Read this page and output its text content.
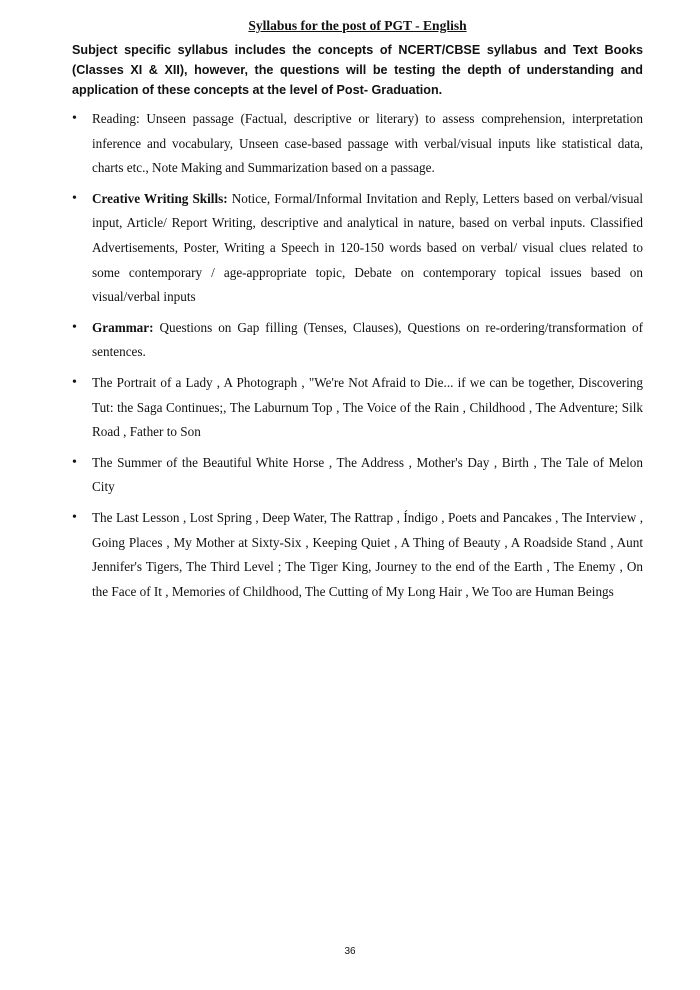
Syllabus for the post of PGT - English

Subject specific syllabus includes the concepts of NCERT/CBSE syllabus and Text Books (Classes XI & XII), however, the questions will be testing the depth of understanding and application of these concepts at the level of Post- Graduation.

• Reading: Unseen passage (Factual, descriptive or literary) to assess comprehension, interpretation inference and vocabulary, Unseen case-based passage with verbal/visual inputs like statistical data, charts etc., Note Making and Summarization based on a passage.
• Creative Writing Skills: Notice, Formal/Informal Invitation and Reply, Letters based on verbal/visual input, Article/ Report Writing, descriptive and analytical in nature, based on verbal inputs. Classified Advertisements, Poster, Writing a Speech in 120-150 words based on verbal/ visual clues related to some contemporary / age-appropriate topic, Debate on contemporary topical issues based on visual/verbal inputs
• Grammar: Questions on Gap filling (Tenses, Clauses), Questions on re-ordering/transformation of sentences.
• The Portrait of a Lady , A Photograph , "We're Not Afraid to Die... if we can be together, Discovering Tut: the Saga Continues;, The Laburnum Top , The Voice of the Rain , Childhood , The Adventure; Silk Road , Father to Son
• The Summer of the Beautiful White Horse , The Address , Mother's Day , Birth , The Tale of Melon City
• The Last Lesson , Lost Spring , Deep Water, The Rattrap , Índigo , Poets and Pancakes , The Interview , Going Places , My Mother at Sixty-Six , Keeping Quiet , A Thing of Beauty , A Roadside Stand , Aunt Jennifer's Tigers, The Third Level ; The Tiger King, Journey to the end of the Earth , The Enemy , On the Face of It , Memories of Childhood, The Cutting of My Long Hair , We Too are Human Beings
36
